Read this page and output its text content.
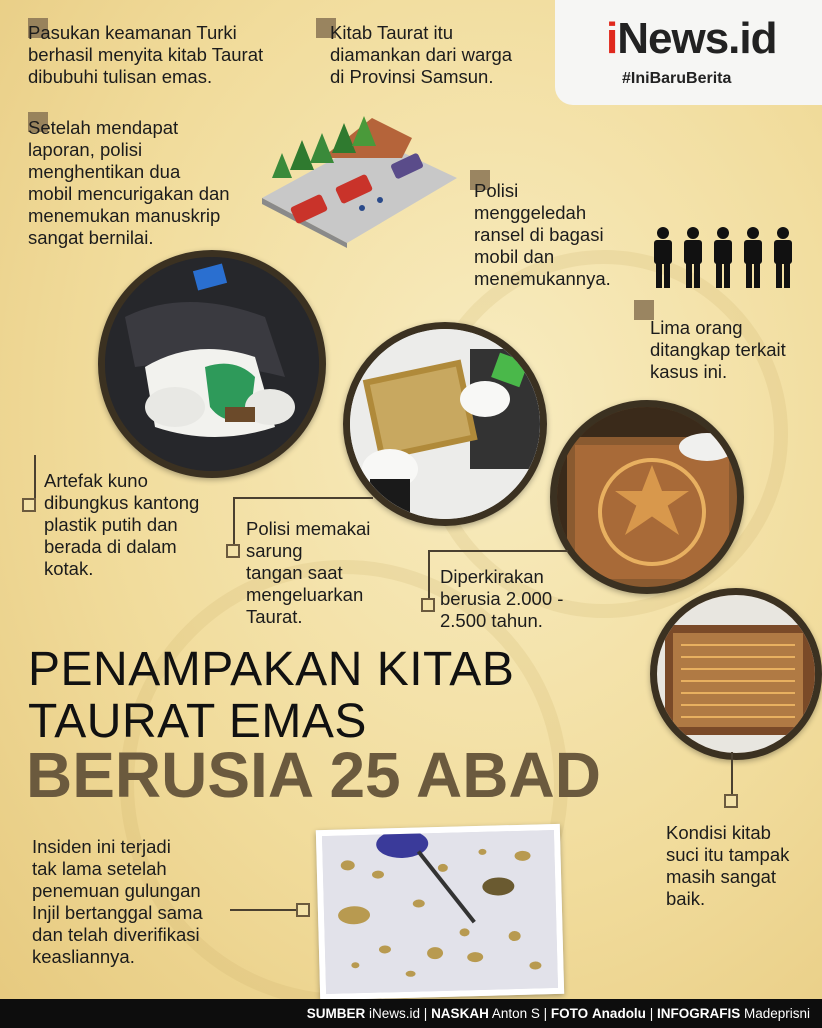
iNews.id
#IniBaruBerita
Pasukan keamanan Turki
berhasil menyita kitab Taurat
dibubuhi tulisan emas.
Kitab Taurat itu
diamankan dari warga
di Provinsi Samsun.
Setelah mendapat
laporan, polisi
menghentikan dua
mobil mencurigakan dan
menemukan manuskrip
sangat bernilai.
Polisi
menggeledah
ransel di bagasi
mobil dan
menemukannya.
Lima orang
ditangkap terkait
kasus ini.
Artefak kuno
dibungkus kantong
plastik putih dan
berada di dalam
kotak.
Polisi memakai
sarung
tangan saat
mengeluarkan
Taurat.
Diperkirakan
berusia 2.000 -
2.500 tahun.
PENAMPAKAN KITAB
TAURAT EMAS
BERUSIA 25 ABAD
Kondisi kitab
suci itu tampak
masih sangat
baik.
Insiden ini terjadi
tak lama setelah
penemuan gulungan
Injil bertanggal sama
dan telah diverifikasi
keasliannya.
SUMBER iNews.id | NASKAH Anton S | FOTO Anadolu | INFOGRAFIS Madeprisni
